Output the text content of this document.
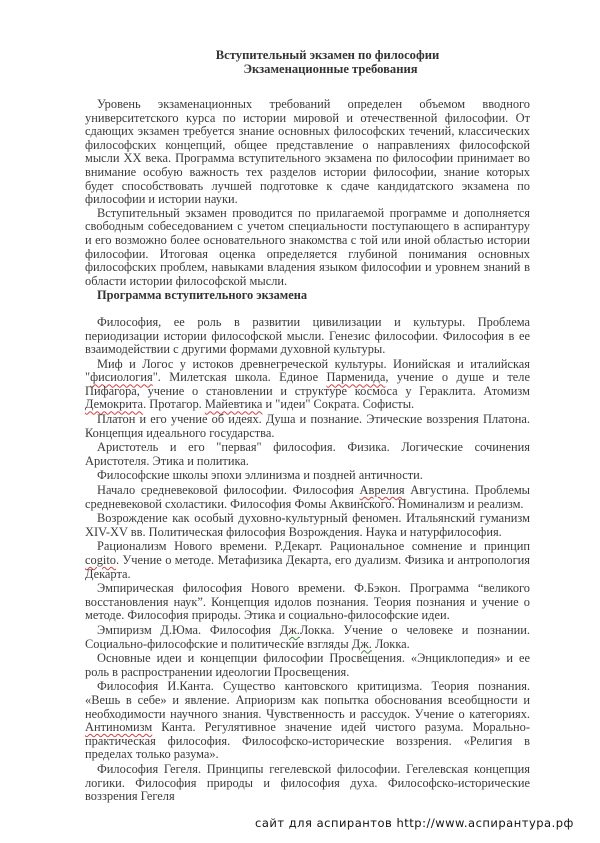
Вступительный экзамен по философии
Экзаменационные требования

Уровень экзаменационных требований определен объемом вводного университетского курса по истории мировой и отечественной философии. От сдающих экзамен требуется знание основных философских течений, классических философских концепций, общее представление о направлениях философской мысли XX века. Программа вступительного экзамена по философии принимает во внимание особую важность тех разделов истории философии, знание которых будет способствовать лучшей подготовке к сдаче кандидатского экзамена по философии и истории науки.

Вступительный экзамен проводится по прилагаемой программе и дополняется свободным собеседованием с учетом специальности поступающего в аспирантуру и его возможно более основательного знакомства с той или иной областью истории философии. Итоговая оценка определяется глубиной понимания основных философских проблем, навыками владения языком философии и уровнем знаний в области истории философской мысли.

Программа вступительного экзамена

Философия, ее роль в развитии цивилизации и культуры. Проблема периодизации истории философской мысли. Генезис философии. Философия в ее взаимодействии с другими формами духовной культуры.

Миф и Логос у истоков древнегреческой культуры. Ионийская и италийская "фисиология". Милетская школа. Единое Парменида, учение о душе и теле Пифагора, учение о становлении и структуре космоса у Гераклита. Атомизм Демокрита. Протагор. Майевтика и "идеи" Сократа. Софисты.

Платон и его учение об идеях. Душа и познание. Этические воззрения Платона. Концепция идеального государства.

Аристотель и его "первая" философия. Физика. Логические сочинения Аристотеля. Этика и политика.

Философские школы эпохи эллинизма и поздней античности.

Начало средневековой философии. Философия Аврелия Августина. Проблемы средневековой схоластики. Философия Фомы Аквинского. Номинализм и реализм.

Возрождение как особый духовно-культурный феномен. Итальянский гуманизм XIV-XV вв. Политическая философия Возрождения. Наука и натурфилософия.

Рационализм Нового времени. Р.Декарт. Рациональное сомнение и принцип cogito. Учение о методе. Метафизика Декарта, его дуализм. Физика и антропология Декарта.

Эмпирическая философия Нового времени. Ф.Бэкон. Программа “великого восстановления наук”. Концепция идолов познания. Теория познания и учение о методе. Философия природы. Этика и социально-философские идеи.

Эмпиризм Д.Юма. Философия Дж.Локка. Учение о человеке и познании. Социально-философские и политические взгляды Дж. Локка.

Основные идеи и концепции философии Просвещения. «Энциклопедия» и ее роль в распространении идеологии Просвещения.

Философия И.Канта. Существо кантовского критицизма. Теория познания. «Вешь в себе» и явление. Априоризм как попытка обоснования всеобщности и необходимости научного знания. Чувственность и рассудок. Учение о категориях. Антиномизм Канта. Регулятивное значение идей чистого разума. Морально-практическая философия. Философско-исторические воззрения. «Религия в пределах только разума».

Философия Гегеля. Принципы гегелевской философии. Гегелевская концепция логики. Философия природы и философия духа. Философско-исторические воззрения Гегеля

сайт для аспирантов http://www.аспирантура.рф
